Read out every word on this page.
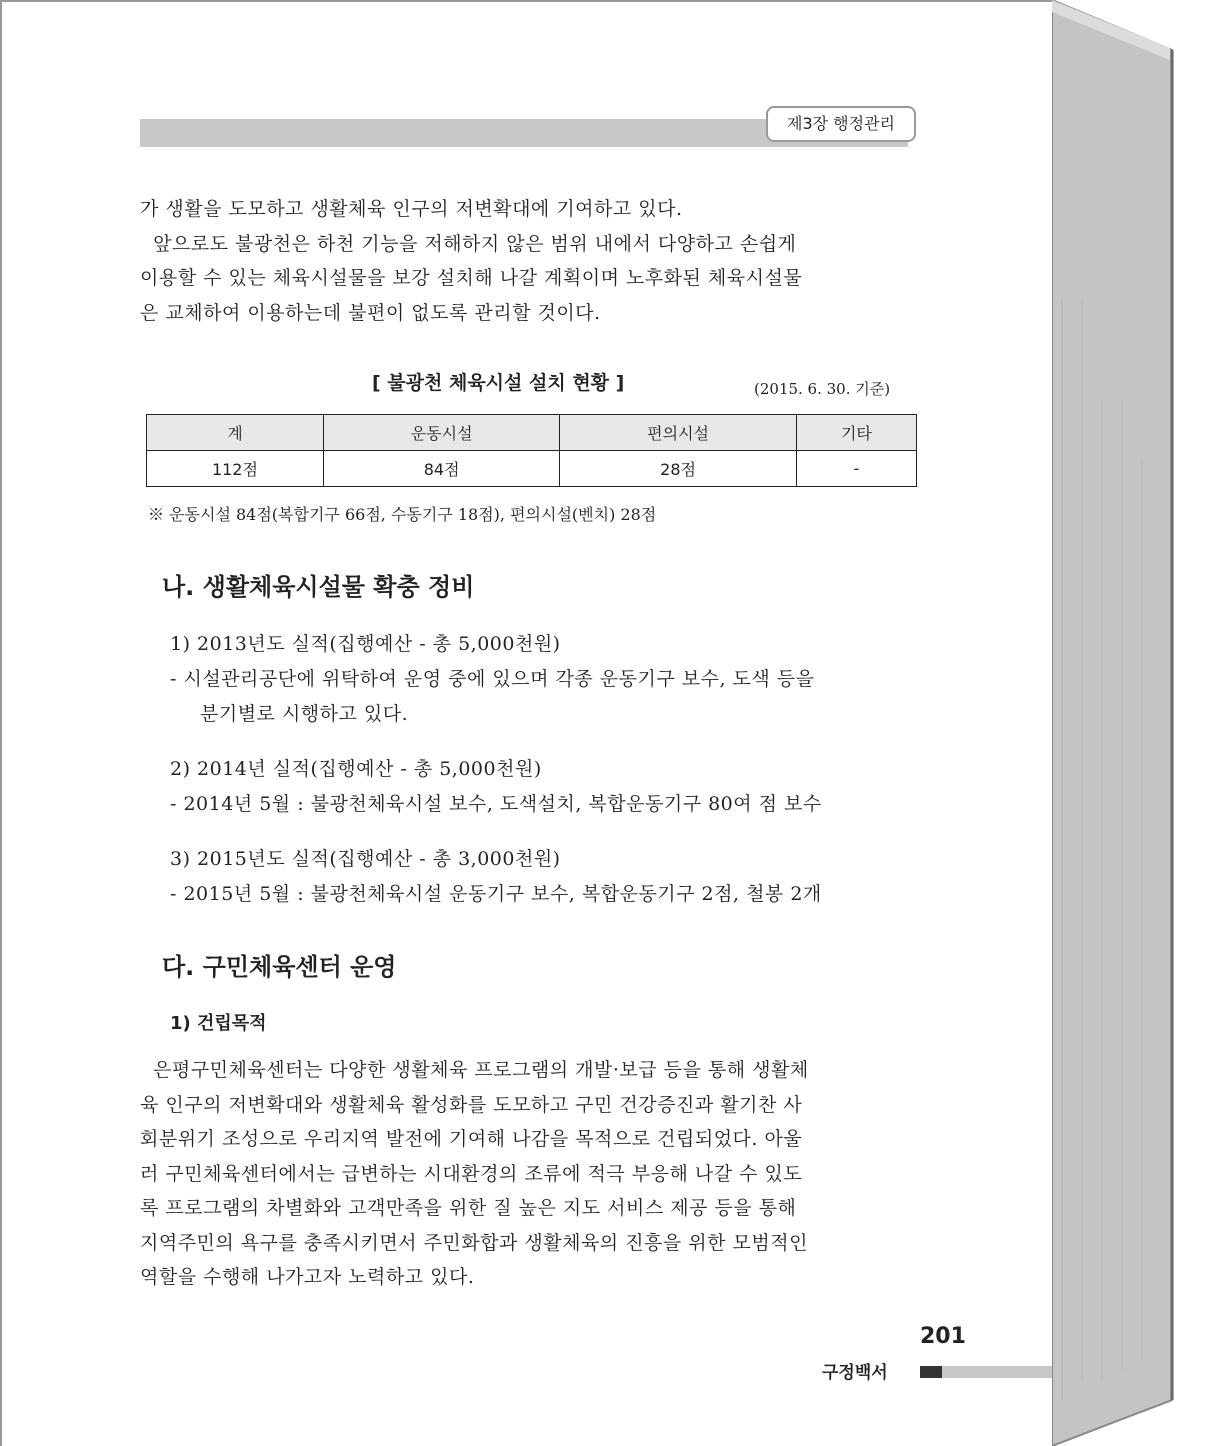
제3장 행정관리
가 생활을 도모하고 생활체육 인구의 저변확대에 기여하고 있다.
앞으로도 불광천은 하천 기능을 저해하지 않은 범위 내에서 다양하고 손쉽게
이용할 수 있는 체육시설물을 보강 설치해 나갈 계획이며 노후화된 체육시설물
은 교체하여 이용하는데 불편이 없도록 관리할 것이다.
[ 불광천 체육시설 설치 현황 ]	(2015. 6. 30. 기준)
계	운동시설	편의시설	기타
112점	84점	28점	-
※ 운동시설 84점(복합기구 66점, 수동기구 18점), 편의시설(벤치) 28점
나. 생활체육시설물 확충 정비
1) 2013년도 실적(집행예산 - 총 5,000천원)
- 시설관리공단에 위탁하여 운영 중에 있으며 각종 운동기구 보수, 도색 등을
분기별로 시행하고 있다.
2) 2014년 실적(집행예산 - 총 5,000천원)
- 2014년 5월 : 불광천체육시설 보수, 도색설치, 복합운동기구 80여 점 보수
3) 2015년도 실적(집행예산 - 총 3,000천원)
- 2015년 5월 : 불광천체육시설 운동기구 보수, 복합운동기구 2점, 철봉 2개
다. 구민체육센터 운영
1) 건립목적
은평구민체육센터는 다양한 생활체육 프로그램의 개발·보급 등을 통해 생활체
육 인구의 저변확대와 생활체육 활성화를 도모하고 구민 건강증진과 활기찬 사
회분위기 조성으로 우리지역 발전에 기여해 나감을 목적으로 건립되었다. 아울
러 구민체육센터에서는 급변하는 시대환경의 조류에 적극 부응해 나갈 수 있도
록 프로그램의 차별화와 고객만족을 위한 질 높은 지도 서비스 제공 등을 통해
지역주민의 욕구를 충족시키면서 주민화합과 생활체육의 진흥을 위한 모범적인
역할을 수행해 나가고자 노력하고 있다.
201
구정백서
